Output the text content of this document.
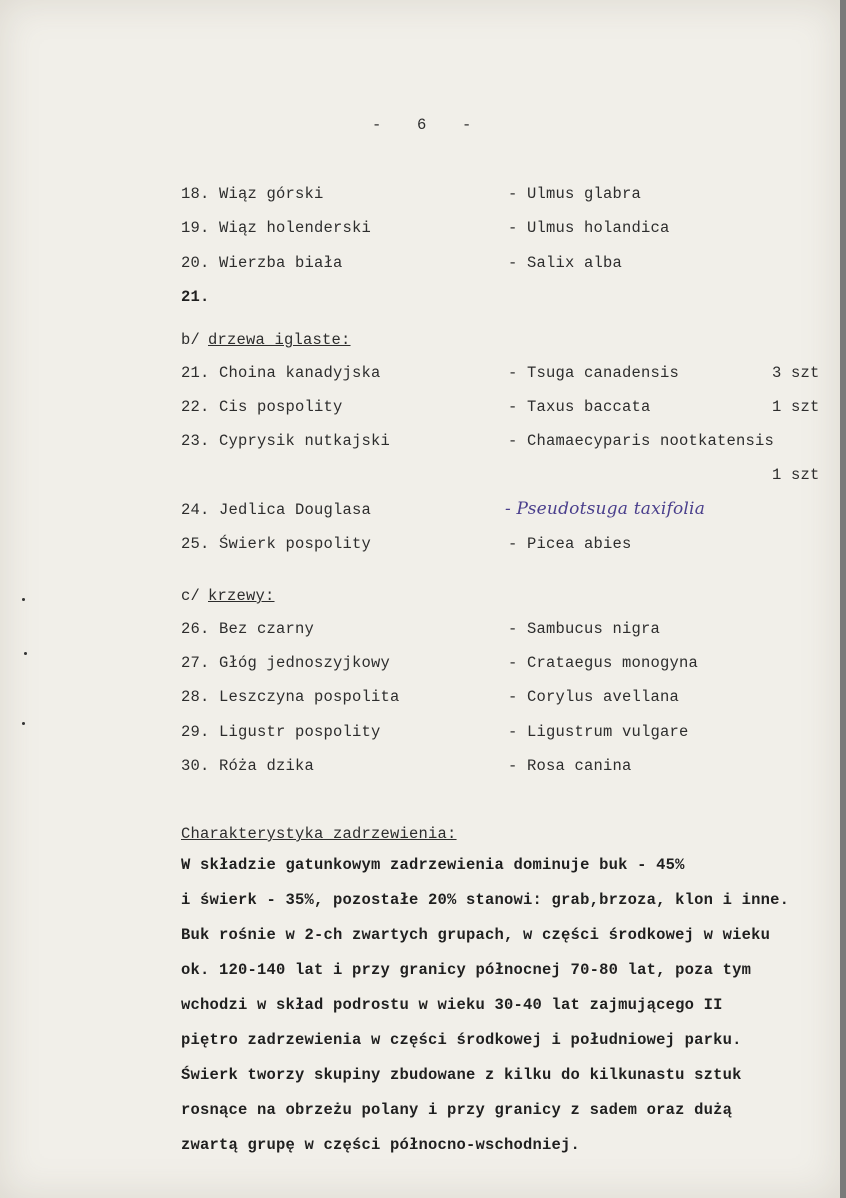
- 6 -
18. Wiąz górski	- Ulmus glabra
19. Wiąz holenderski	- Ulmus holandica
20. Wierzba biała	- Salix alba
21.
b/ drzewa iglaste:
21. Choina kanadyjska	- Tsuga canadensis	3 szt
22. Cis pospolity	- Taxus baccata	1 szt
23. Cyprysik nutkajski	- Chamaecyparis nootkatensis
1 szt
24. Jedlica Douglasa	- Pseudotsuga taxifolia
25. Świerk pospolity	- Picea abies
c/ krzewy:
26. Bez czarny	- Sambucus nigra
27. Głóg jednoszyjkowy	- Crataegus monogyna
28. Leszczyna pospolita	- Corylus avellana
29. Ligustr pospolity	- Ligustrum vulgare
30. Róża dzika	- Rosa canina
Charakterystyka zadrzewienia:
W składzie gatunkowym zadrzewienia dominuje buk - 45%
i świerk - 35%, pozostałe 20% stanowi: grab,brzoza, klon i inne.
Buk rośnie w 2-ch zwartych grupach, w części środkowej w wieku
ok. 120-140 lat i przy granicy północnej 70-80 lat, poza tym
wchodzi w skład podrostu w wieku 30-40 lat zajmującego II
piętro zadrzewienia w części środkowej i południowej parku.
Świerk tworzy skupiny zbudowane z kilku do kilkunastu sztuk
rosnące na obrzeżu polany i przy granicy z sadem oraz dużą
zwartą grupę w części północno-wschodniej.
